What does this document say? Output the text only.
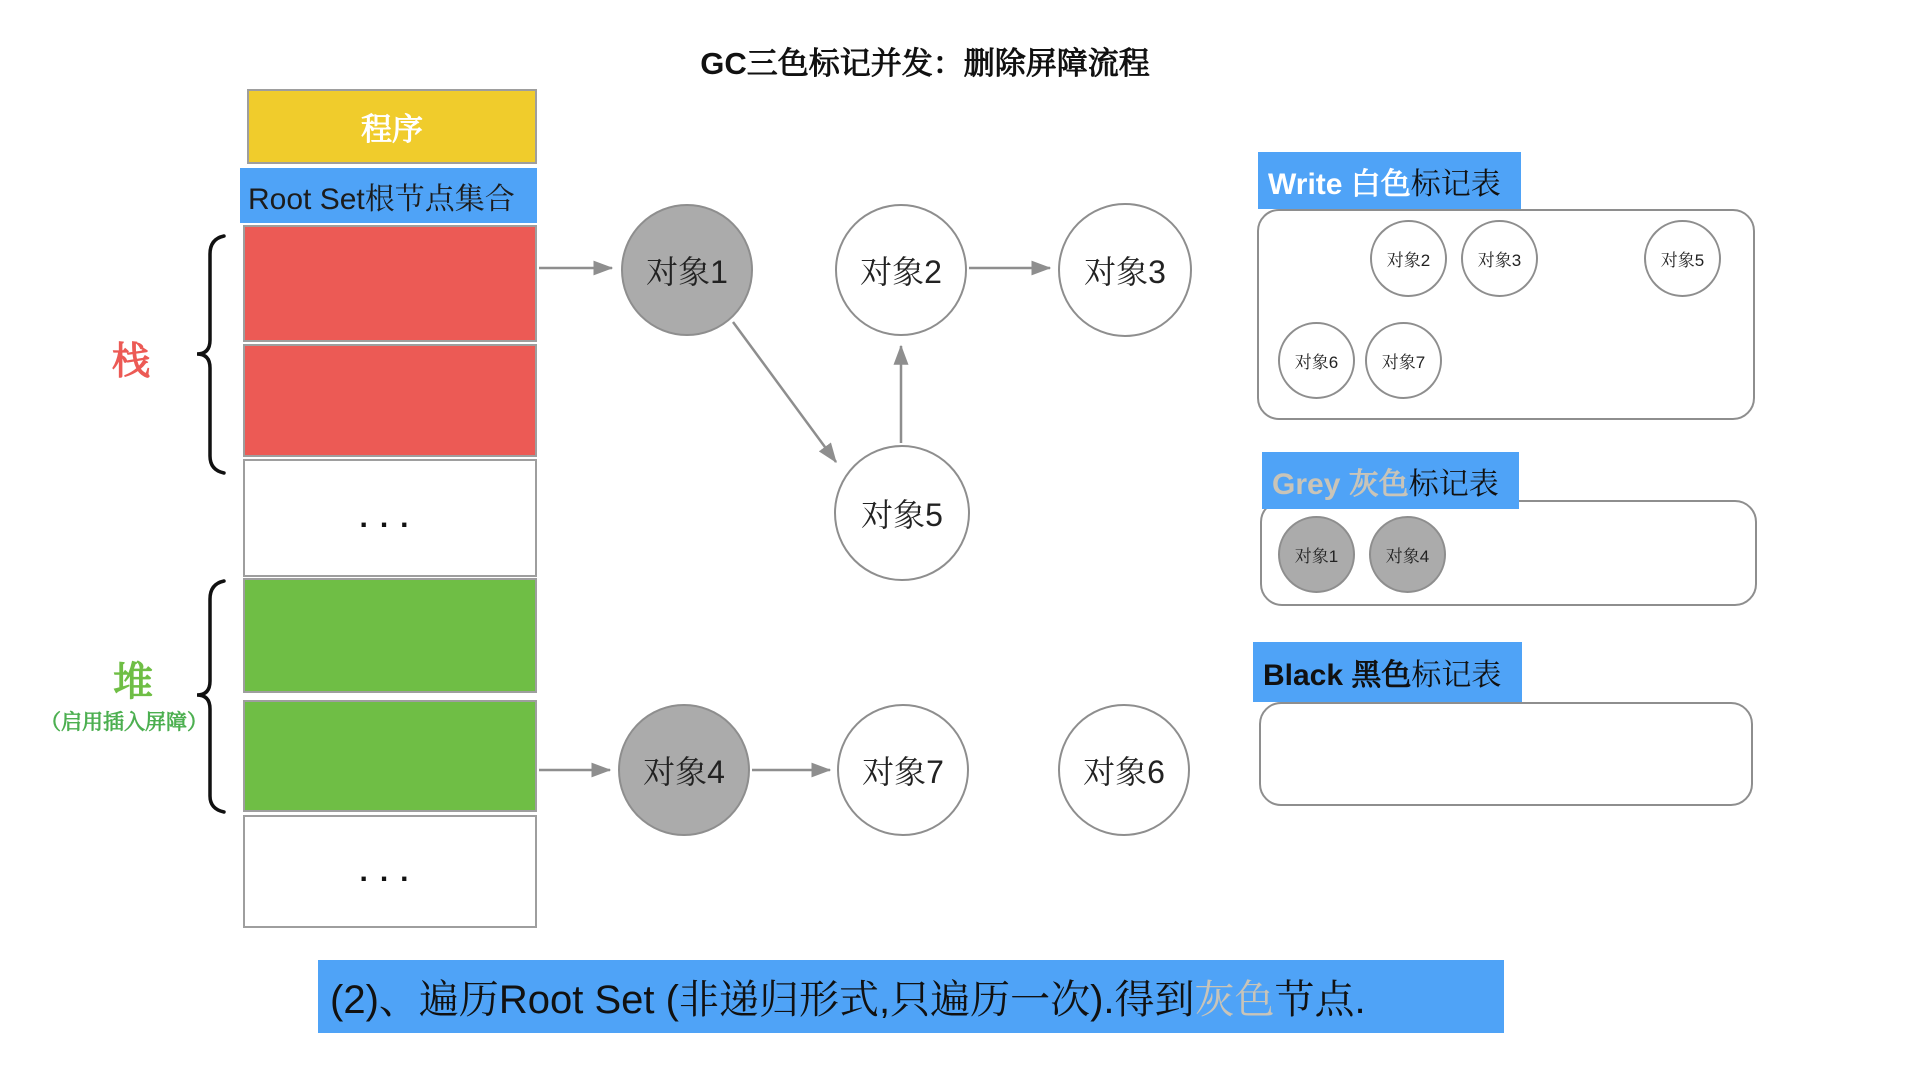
GC三色标记并发：删除屏障流程
程序
Root Set根节点集合
...
...
栈
堆
（启用插入屏障）
对象1	对象2	对象3
对象5
对象4	对象7	对象6
Write 白色 标记表
对象2	对象3	对象5
对象6	对象7
Grey 灰色 标记表
对象1	对象4
Black 黑色 标记表
(2)、遍历Root Set (非递归形式,只遍历一次).得到 灰色 节点.
